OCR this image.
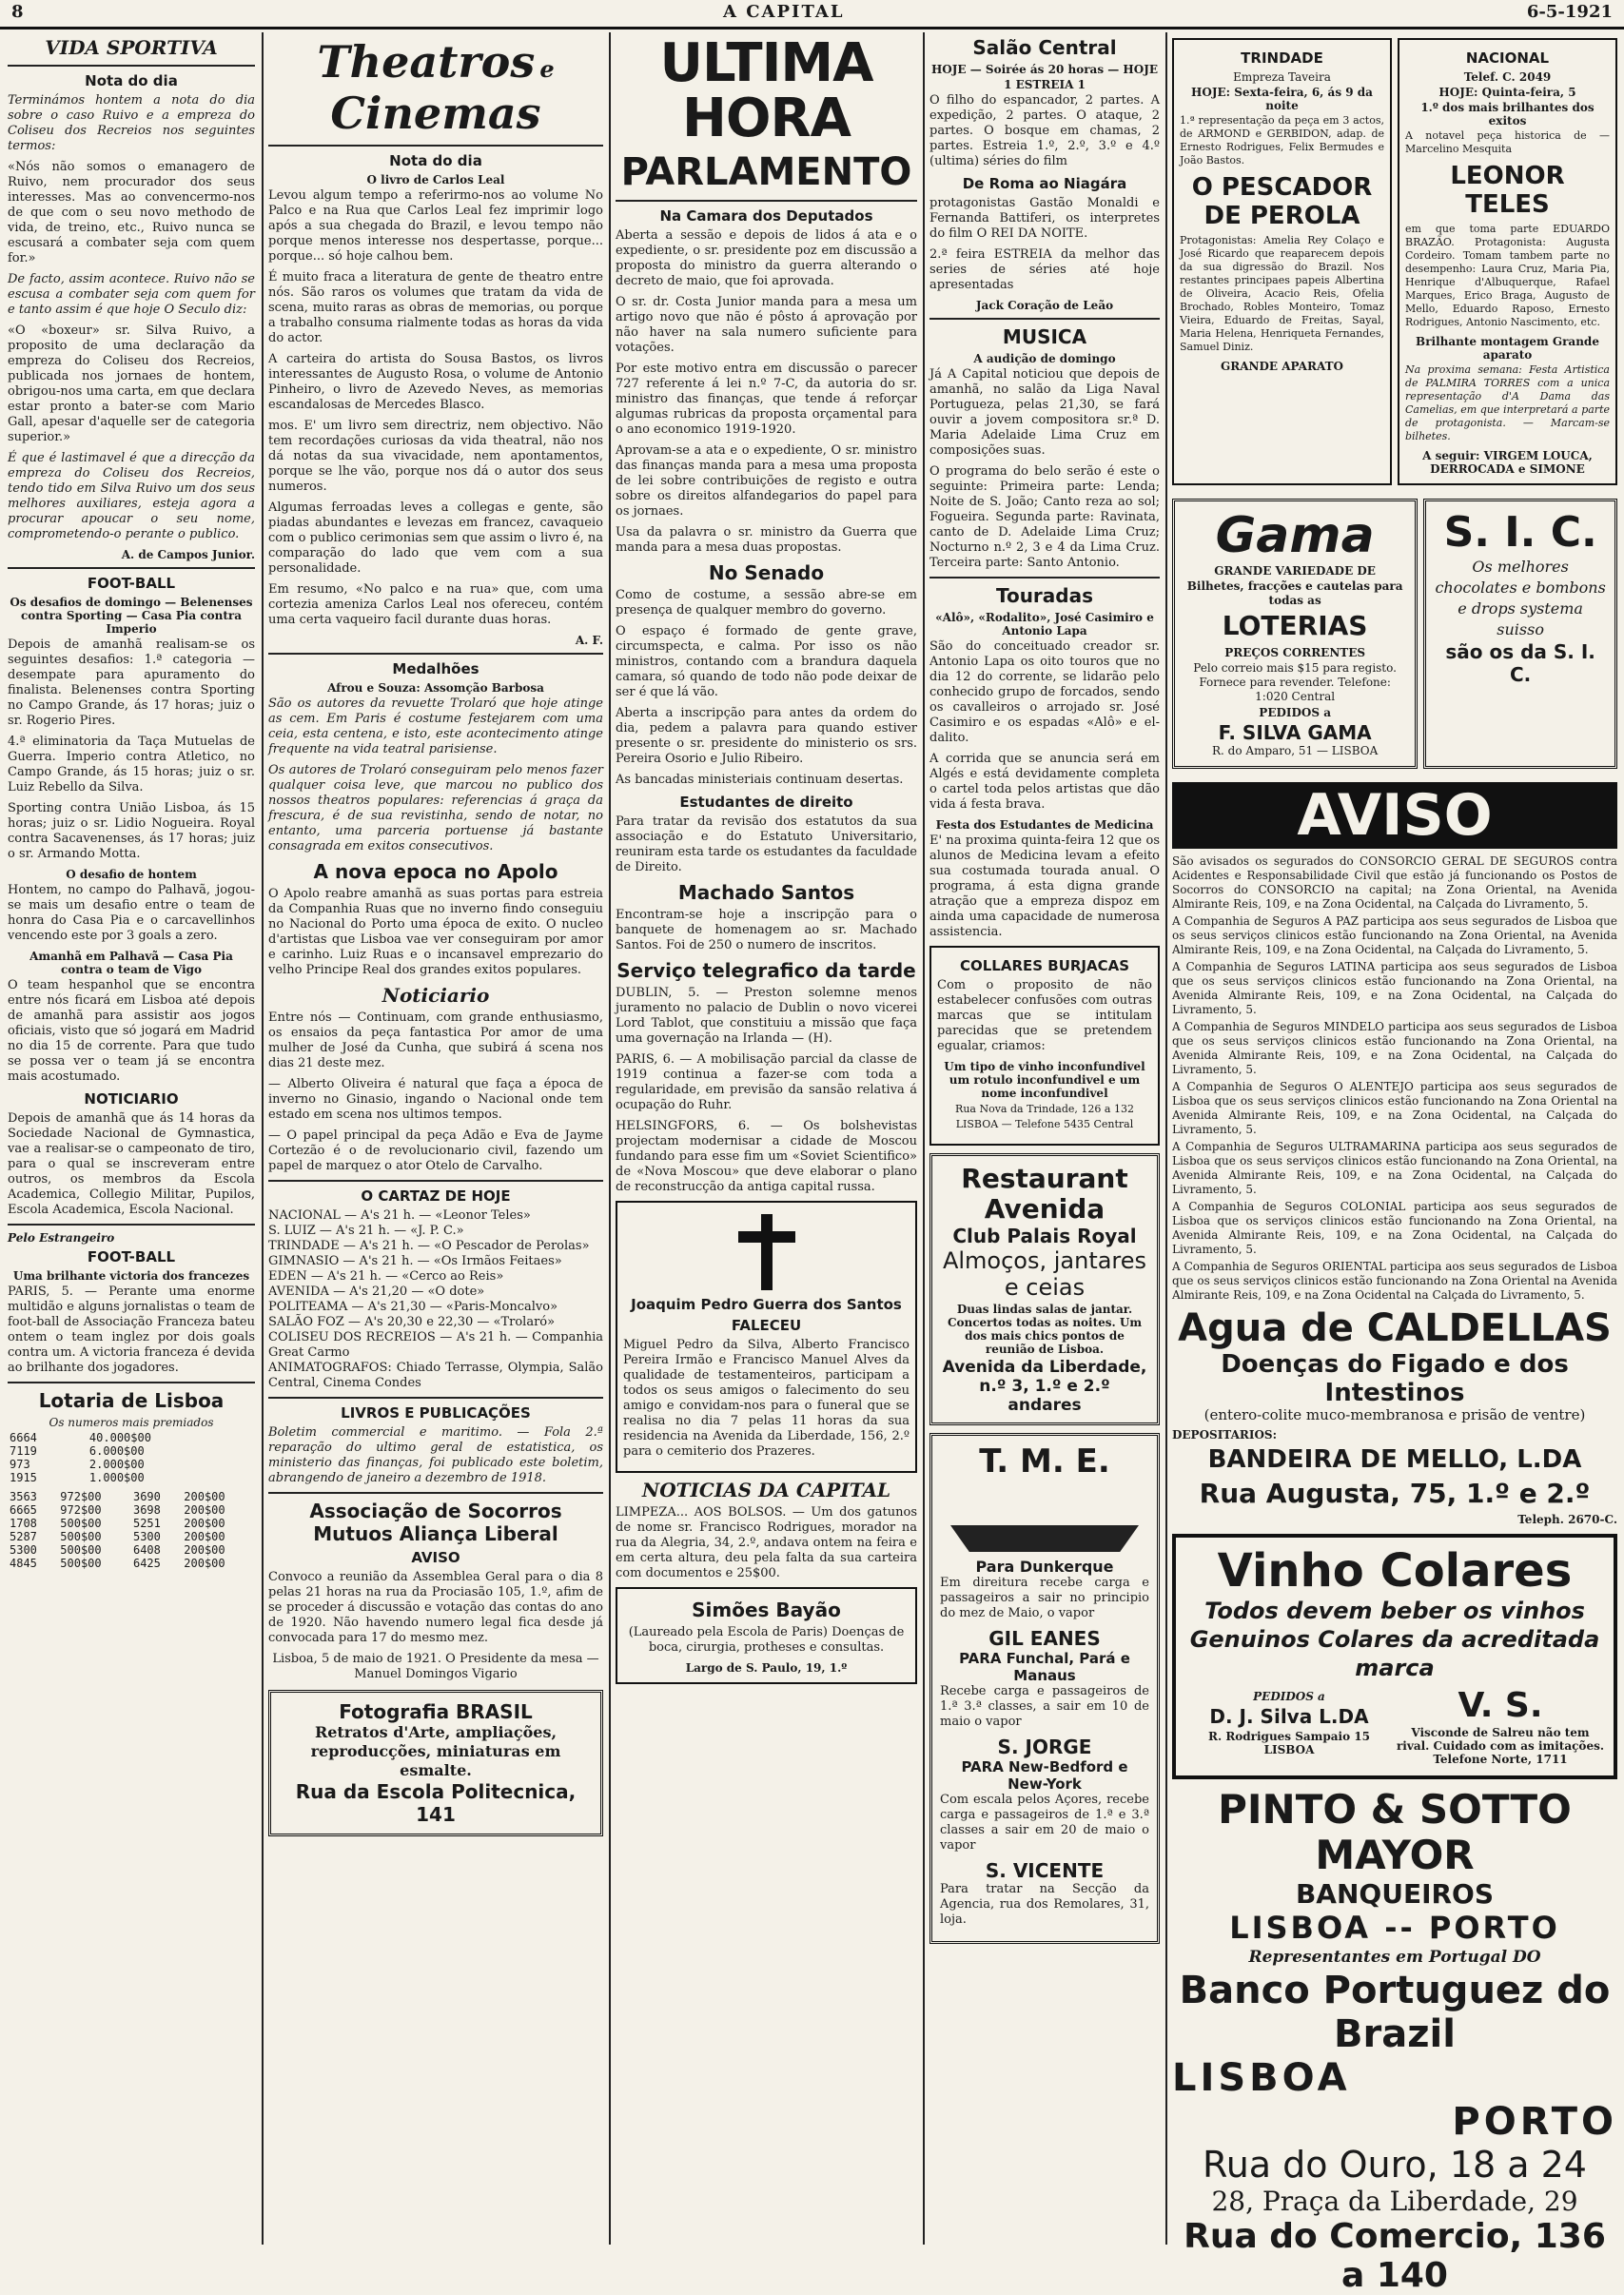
8	A CAPITAL	6-5-1921
VIDA SPORTIVA
Nota do dia

Terminámos hontem a nota do dia sobre o caso Ruivo e a empreza do Coliseu dos Recreios nos seguintes termos:

«Nós não somos o emanagero de Ruivo, nem procurador dos seus interesses. Mas ao convencermo-nos de que com o seu novo methodo de vida, de treino, etc., Ruivo nunca se escusará a combater seja com quem for.»

De facto, assim acontece. Ruivo não se escusa a combater seja com quem for e tanto assim é que hoje O Seculo diz:

«O «boxeur» sr. Silva Ruivo, a proposito de uma declaração da empreza do Coliseu dos Recreios, publicada nos jornaes de hontem, obrigou-nos uma carta, em que declara estar pronto a bater-se com Mario Gall, apesar d'aquelle ser de categoria superior.»

É que é lastimavel é que a direcção da empreza do Coliseu dos Recreios, tendo tido em Silva Ruivo um dos seus melhores auxiliares, esteja agora a procurar apoucar o seu nome, comprometendo-o perante o publico.

A. de Campos Junior.
FOOT-BALL
Os desafios de domingo — Belenenses contra Sporting — Casa Pia contra Imperio

Depois de amanhã realisam-se os seguintes desafios: 1.ª categoria — desempate para apuramento do finalista. Belenenses contra Sporting no Campo Grande, ás 17 horas; juiz o sr. Rogerio Pires.

4.ª eliminatoria da Taça Mutuelas de Guerra. Imperio contra Atletico, no Campo Grande, ás 15 horas; juiz o sr. Luiz Rebello da Silva.

Sporting contra União Lisboa, ás 15 horas; juiz o sr. Lidio Nogueira. Royal contra Sacavenenses, ás 17 horas; juiz o sr. Armando Motta.

O desafio de hontem

Hontem, no campo do Palhavã, jogou-se mais um desafio entre o team de honra do Casa Pia e o carcavellinhos vencendo este por 3 goals a zero.

Amanhã em Palhavã — Casa Pia contra o team de Vigo

O team hespanhol que se encontra entre nós ficará em Lisboa até depois de amanhã para assistir aos jogos oficiais, visto que só jogará em Madrid no dia 15 de corrente. Para que tudo se possa ver o team já se encontra mais acostumado.

NOTICIARIO

Depois de amanhã que ás 14 horas da Sociedade Nacional de Gymnastica, vae a realisar-se o campeonato de tiro, para o qual se inscreveram entre outros, os membros da Escola Academica, Collegio Militar, Pupilos, Escola Academica, Escola Nacional.

Pelo Estrangeiro
FOOT-BALL
Uma brilhante victoria dos francezes

PARIS, 5. — Perante uma enorme multidão e alguns jornalistas o team de foot-ball de Associação Franceza bateu ontem o team inglez por dois goals contra um. A victoria franceza é devida ao brilhante dos jogadores.

Lotaria de Lisboa
Os numeros mais premiados
6664	40.000$00
7119	6.000$00
973	2.000$00
1915	1.000$00
3563	972$00	3690	200$00
6665	972$00	3698	200$00
1708	500$00	5251	200$00
5287	500$00	5300	200$00
5300	500$00	6408	200$00
4845	500$00	6425	200$00
Theatros e Cinemas
Nota do dia
O livro de Carlos Leal

Levou algum tempo a referirmo-nos ao volume No Palco e na Rua que Carlos Leal fez imprimir logo após a sua chegada do Brazil, e levou tempo não porque menos interesse nos despertasse, porque... porque... só hoje calhou bem.

É muito fraca a literatura de gente de theatro entre nós. São raros os volumes que tratam da vida de scena, muito raras as obras de memorias, ou porque a trabalho consuma rialmente todas as horas da vida do actor.

A carteira do artista do Sousa Bastos, os livros interessantes de Augusto Rosa, o volume de Antonio Pinheiro, o livro de Azevedo Neves, as memorias escandalosas de Mercedes Blasco.

mos. E' um livro sem directriz, nem objectivo. Não tem recordações curiosas da vida theatral, não nos dá notas da sua vivacidade, nem apontamentos, porque se lhe vão, porque nos dá o autor dos seus numeros.

Algumas ferroadas leves a collegas e gente, são piadas abundantes e levezas em francez, cavaqueio com o publico cerimonias sem que assim o livro é, na comparação do lado que vem com a sua personalidade.

Em resumo, «No palco e na rua» que, com uma cortezia ameniza Carlos Leal nos ofereceu, contém uma certa vaqueiro facil durante duas horas.

A. F.
Medalhões
Afrou e Souza: Assomção Barbosa

São os autores da revuette Trolaró que hoje atinge as cem. Em Paris é costume festejarem com uma ceia, esta centena, e isto, este acontecimento atinge frequente na vida teatral parisiense.

Os autores de Trolaró conseguiram pelo menos fazer qualquer coisa leve, que marcou no publico dos nossos theatros populares: referencias á graça da frescura, é de sua revistinha, sendo de notar, no entanto, uma parceria portuense já bastante consagrada em exitos consecutivos.

A nova epoca no Apolo

O Apolo reabre amanhã as suas portas para estreia da Companhia Ruas que no inverno findo conseguiu no Nacional do Porto uma época de exito. O nucleo d'artistas que Lisboa vae ver conseguiram por amor e carinho. Luiz Ruas e o incansavel emprezario do velho Principe Real dos grandes exitos populares.

Noticiario

Entre nós — Continuam, com grande enthusiasmo, os ensaios da peça fantastica Por amor de uma mulher de José da Cunha, que subirá á scena nos dias 21 deste mez.

— Alberto Oliveira é natural que faça a época de inverno no Ginasio, ingando o Nacional onde tem estado em scena nos ultimos tempos.

— O papel principal da peça Adão e Eva de Jayme Cortezão é o de revolucionario civil, fazendo um papel de marquez o ator Otelo de Carvalho.

O CARTAZ DE HOJE

NACIONAL — A's 21 h. — «Leonor Teles»

S. LUIZ — A's 21 h. — «J. P. C.»

TRINDADE — A's 21 h. — «O Pescador de Perolas»

GIMNASIO — A's 21 h. — «Os Irmãos Feitaes»

EDEN — A's 21 h. — «Cerco ao Reis»

AVENIDA — A's 21,20 — «O dote»

POLITEAMA — A's 21,30 — «Paris-Moncalvo»

SALÃO FOZ — A's 20,30 e 22,30 — «Trolaró»

COLISEU DOS RECREIOS — A's 21 h. — Companhia Great Carmo

ANIMATOGRAFOS: Chiado Terrasse, Olympia, Salão Central, Cinema Condes

LIVROS E PUBLICAÇÕES

Boletim commercial e maritimo. — Fola 2.ª reparação do ultimo geral de estatistica, os ministerio das finanças, foi publicado este boletim, abrangendo de janeiro a dezembro de 1918.

Associação de Socorros Mutuos Aliança Liberal
AVISO

Convoco a reunião da Assemblea Geral para o dia 8 pelas 21 horas na rua da Prociasão 105, 1.º, afim de se proceder á discussão e votação das contas do ano de 1920. Não havendo numero legal fica desde já convocada para 17 do mesmo mez.

Lisboa, 5 de maio de 1921. O Presidente da mesa — Manuel Domingos Vigario

Fotografia BRASIL
Retratos d'Arte, ampliações, reproducções, miniaturas em esmalte.
Rua da Escola Politecnica, 141
ULTIMA HORA
PARLAMENTO
Na Camara dos Deputados

Aberta a sessão e depois de lidos á ata e o expediente, o sr. presidente poz em discussão a proposta do ministro da guerra alterando o decreto de maio, que foi aprovada.

O sr. dr. Costa Junior manda para a mesa um artigo novo que não é pôsto á aprovação por não haver na sala numero suficiente para votações.

Por este motivo entra em discussão o parecer 727 referente á lei n.º 7-C, da autoria do sr. ministro das finanças, que tende á reforçar algumas rubricas da proposta orçamental para o ano economico 1919-1920.

Aprovam-se a ata e o expediente, O sr. ministro das finanças manda para a mesa uma proposta de lei sobre contribuições de registo e outra sobre os direitos alfandegarios do papel para os jornaes.

Usa da palavra o sr. ministro da Guerra que manda para a mesa duas propostas.

No Senado

Como de costume, a sessão abre-se em presença de qualquer membro do governo.

O espaço é formado de gente grave, circumspecta, e calma. Por isso os não ministros, contando com a brandura daquela camara, só quando de todo não pode deixar de ser é que lá vão.

Aberta a inscripção para antes da ordem do dia, pedem a palavra para quando estiver presente o sr. presidente do ministerio os srs. Pereira Osorio e Julio Ribeiro.

As bancadas ministeriais continuam desertas.

Estudantes de direito

Para tratar da revisão dos estatutos da sua associação e do Estatuto Universitario, reuniram esta tarde os estudantes da faculdade de Direito.

Machado Santos

Encontram-se hoje a inscripção para o banquete de homenagem ao sr. Machado Santos. Foi de 250 o numero de inscritos.

Serviço telegrafico da tarde

DUBLIN, 5. — Preston solemne menos juramento no palacio de Dublin o novo vicerei Lord Tablot, que constituiu a missão que faça uma governação na Irlanda — (H).

PARIS, 6. — A mobilisação parcial da classe de 1919 continua a fazer-se com toda a regularidade, em previsão da sansão relativa á ocupação do Ruhr.

HELSINGFORS, 6. — Os bolshevistas projectam modernisar a cidade de Moscou fundando para esse fim um «Soviet Scientifico» de «Nova Moscou» que deve elaborar o plano de reconstrucção da antiga capital russa.

Joaquim Pedro Guerra dos Santos
FALECEU

Miguel Pedro da Silva, Alberto Francisco Pereira Irmão e Francisco Manuel Alves da qualidade de testamenteiros, participam a todos os seus amigos o falecimento do seu amigo e convidam-nos para o funeral que se realisa no dia 7 pelas 11 horas da sua residencia na Avenida da Liberdade, 156, 2.º para o cemiterio dos Prazeres.

NOTICIAS DA CAPITAL

LIMPEZA... AOS BOLSOS. — Um dos gatunos de nome sr. Francisco Rodrigues, morador na rua da Alegria, 34, 2.º, andava ontem na feira e em certa altura, deu pela falta da sua carteira com documentos e 25$00.

Simões Bayão
(Laureado pela Escola de Paris) Doenças de boca, cirurgia, protheses e consultas.
Largo de S. Paulo, 19, 1.º
Salão Central
HOJE — Soirée ás 20 horas — HOJE
1 ESTREIA 1

O filho do espancador, 2 partes. A expedição, 2 partes. O ataque, 2 partes. O bosque em chamas, 2 partes. Estreia 1.º, 2.º, 3.º e 4.º (ultima) séries do film

De Roma ao Niagára

protagonistas Gastão Monaldi e Fernanda Battiferi, os interpretes do film O REI DA NOITE.

2.ª feira ESTREIA da melhor das series de séries até hoje apresentadas

Jack Coração de Leão
MUSICA
A audição de domingo

Já A Capital noticiou que depois de amanhã, no salão da Liga Naval Portugueza, pelas 21,30, se fará ouvir a jovem compositora sr.ª D. Maria Adelaide Lima Cruz em composições suas.

O programa do belo serão é este o seguinte: Primeira parte: Lenda; Noite de S. João; Canto reza ao sol; Fogueira. Segunda parte: Ravinata, canto de D. Adelaide Lima Cruz; Nocturno n.º 2, 3 e 4 da Lima Cruz. Terceira parte: Santo Antonio.

Touradas
«Alô», «Rodalito», José Casimiro e Antonio Lapa

São do conceituado creador sr. Antonio Lapa os oito touros que no dia 12 do corrente, se lidarão pelo conhecido grupo de forcados, sendo os cavalleiros o arrojado sr. José Casimiro e os espadas «Alô» e el-dalito.

A corrida que se anuncia será em Algés e está devidamente completa o cartel toda pelos artistas que dão vida á festa brava.

Festa dos Estudantes de Medicina

E' na proxima quinta-feira 12 que os alunos de Medicina levam a efeito sua costumada tourada anual. O programa, á esta digna grande atração que a empreza dispoz em ainda uma capacidade de numerosa assistencia.

COLLARES BURJACAS

Com o proposito de não estabelecer confusões com outras marcas que se intitulam parecidas que se pretendem egualar, criamos:

Um tipo de vinho inconfundivel um rotulo inconfundivel e um nome inconfundivel
Rua Nova da Trindade, 126 a 132 LISBOA — Telefone 5435 Central
Restaurant Avenida
Club Palais Royal
Almoços, jantares e ceias
Duas lindas salas de jantar. Concertos todas as noites. Um dos mais chics pontos de reunião de Lisboa.
Avenida da Liberdade, n.º 3, 1.º e 2.º andares
T. M. E.
Para Dunkerque

Em direitura recebe carga e passageiros a sair no principio do mez de Maio, o vapor

GIL EANES
PARA Funchal, Pará e Manaus

Recebe carga e passageiros de 1.ª 3.ª classes, a sair em 10 de maio o vapor

S. JORGE
PARA New-Bedford e New-York

Com escala pelos Açores, recebe carga e passageiros de 1.ª e 3.ª classes a sair em 20 de maio o vapor

S. VICENTE

Para tratar na Secção da Agencia, rua dos Remolares, 31, loja.

TRINDADE
Empreza Taveira
HOJE: Sexta-feira, 6, ás 9 da noite

1.ª representação da peça em 3 actos, de ARMOND e GERBIDON, adap. de Ernesto Rodrigues, Felix Bermudes e João Bastos.

O PESCADOR DE PEROLA

Protagonistas: Amelia Rey Colaço e José Ricardo que reaparecem depois da sua digressão do Brazil. Nos restantes principaes papeis Albertina de Oliveira, Acacio Reis, Ofelia Brochado, Robles Monteiro, Tomaz Vieira, Eduardo de Freitas, Sayal, Maria Helena, Henriqueta Fernandes, Samuel Diniz.

GRANDE APARATO
NACIONAL
Telef. C. 2049
HOJE: Quinta-feira, 5
1.º dos mais brilhantes dos exitos

A notavel peça historica de — Marcelino Mesquita

LEONOR TELES

em que toma parte EDUARDO BRAZÃO. Protagonista: Augusta Cordeiro. Tomam tambem parte no desempenho: Laura Cruz, Maria Pia, Henrique d'Albuquerque, Rafael Marques, Erico Braga, Augusto de Mello, Eduardo Raposo, Ernesto Rodrigues, Antonio Nascimento, etc.

Brilhante montagem Grande aparato

Na proxima semana: Festa Artistica de PALMIRA TORRES com a unica representação d'A Dama das Camelias, em que interpretará a parte de protagonista. — Marcam-se bilhetes.

A seguir: VIRGEM LOUCA, DERROCADA e SIMONE
Gama
GRANDE VARIEDADE DE
Bilhetes, fracções e cautelas para todas as
LOTERIAS
PREÇOS CORRENTES
Pelo correio mais $15 para registo. Fornece para revender. Telefone: 1:020 Central
PEDIDOS a
F. SILVA GAMA
R. do Amparo, 51 — LISBOA
S. I. C.
Os melhores chocolates e bombons e drops systema suisso
são os da S. I. C.
AVISO

São avisados os segurados do CONSORCIO GERAL DE SEGUROS contra Acidentes e Responsabilidade Civil que estão já funcionando os Postos de Socorros do CONSORCIO na capital; na Zona Oriental, na Avenida Almirante Reis, 109, e na Zona Ocidental, na Calçada do Livramento, 5.

A Companhia de Seguros A PAZ participa aos seus segurados de Lisboa que os seus serviços clinicos estão funcionando na Zona Oriental, na Avenida Almirante Reis, 109, e na Zona Ocidental, na Calçada do Livramento, 5.

A Companhia de Seguros LATINA participa aos seus segurados de Lisboa que os seus serviços clinicos estão funcionando na Zona Oriental, na Avenida Almirante Reis, 109, e na Zona Ocidental, na Calçada do Livramento, 5.

A Companhia de Seguros MINDELO participa aos seus segurados de Lisboa que os seus serviços clinicos estão funcionando na Zona Oriental, na Avenida Almirante Reis, 109, e na Zona Ocidental, na Calçada do Livramento, 5.

A Companhia de Seguros O ALENTEJO participa aos seus segurados de Lisboa que os seus serviços clinicos estão funcionando na Zona Oriental na Avenida Almirante Reis, 109, e na Zona Ocidental, na Calçada do Livramento, 5.

A Companhia de Seguros ULTRAMARINA participa aos seus segurados de Lisboa que os seus serviços clinicos estão funcionando na Zona Oriental, na Avenida Almirante Reis, 109, e na Zona Ocidental, na Calçada do Livramento, 5.

A Companhia de Seguros COLONIAL participa aos seus segurados de Lisboa que os serviços clinicos estão funcionando na Zona Oriental, na Avenida Almirante Reis, 109, e na Zona Ocidental, na Calçada do Livramento, 5.

A Companhia de Seguros ORIENTAL participa aos seus segurados de Lisboa que os seus serviços clinicos estão funcionando na Zona Oriental na Avenida Almirante Reis, 109, e na Zona Ocidental na Calçada do Livramento, 5.

Agua de CALDELLAS
Doenças do Figado e dos Intestinos
(entero-colite muco-membranosa e prisão de ventre)
DEPOSITARIOS:
BANDEIRA DE MELLO, L.DA
Rua Augusta, 75, 1.º e 2.º
Teleph. 2670-C.
Vinho Colares
Todos devem beber os vinhos Genuinos Colares da acreditada marca
PEDIDOS a
D. J. Silva L.DA
R. Rodrigues Sampaio 15 LISBOA
V. S.
Visconde de Salreu não tem rival. Cuidado com as imitações. Telefone Norte, 1711
PINTO & SOTTO MAYOR
BANQUEIROS
LISBOA -- PORTO
Representantes em Portugal DO
Banco Portuguez do Brazil
LISBOA
PORTO
Rua do Ouro, 18 a 24
28, Praça da Liberdade, 29
Rua do Comercio, 136 a 140
